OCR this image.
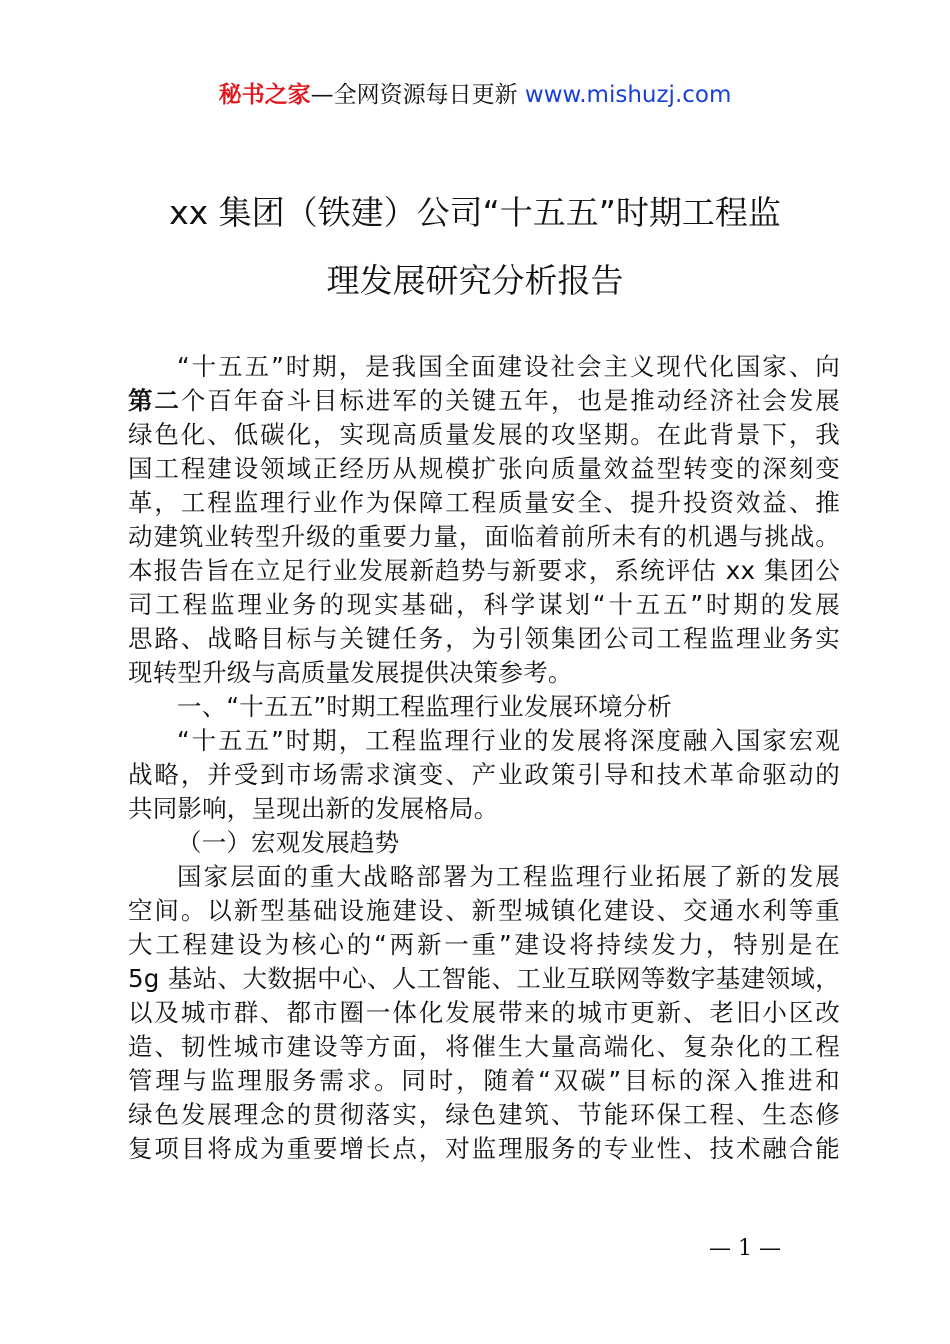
秘书之家—全网资源每日更新 www.mishuzj.com
xx 集团（铁建）公司“十五五”时期工程监
理发展研究分析报告
“十五五”时期，是我国全面建设社会主义现代化国家、向
第二个百年奋斗目标进军的关键五年，也是推动经济社会发展
绿色化、低碳化，实现高质量发展的攻坚期。在此背景下，我
国工程建设领域正经历从规模扩张向质量效益型转变的深刻变
革，工程监理行业作为保障工程质量安全、提升投资效益、推
动建筑业转型升级的重要力量，面临着前所未有的机遇与挑战。
本报告旨在立足行业发展新趋势与新要求，系统评估 xx 集团公
司工程监理业务的现实基础，科学谋划“十五五”时期的发展
思路、战略目标与关键任务，为引领集团公司工程监理业务实
现转型升级与高质量发展提供决策参考。
一、“十五五”时期工程监理行业发展环境分析
“十五五”时期，工程监理行业的发展将深度融入国家宏观
战略，并受到市场需求演变、产业政策引导和技术革命驱动的
共同影响，呈现出新的发展格局。
（一）宏观发展趋势
国家层面的重大战略部署为工程监理行业拓展了新的发展
空间。以新型基础设施建设、新型城镇化建设、交通水利等重
大工程建设为核心的“两新一重”建设将持续发力，特别是在
5g 基站、大数据中心、人工智能、工业互联网等数字基建领域，
以及城市群、都市圈一体化发展带来的城市更新、老旧小区改
造、韧性城市建设等方面，将催生大量高端化、复杂化的工程
管理与监理服务需求。同时，随着“双碳”目标的深入推进和
绿色发展理念的贯彻落实，绿色建筑、节能环保工程、生态修
复项目将成为重要增长点，对监理服务的专业性、技术融合能
— 1 —
